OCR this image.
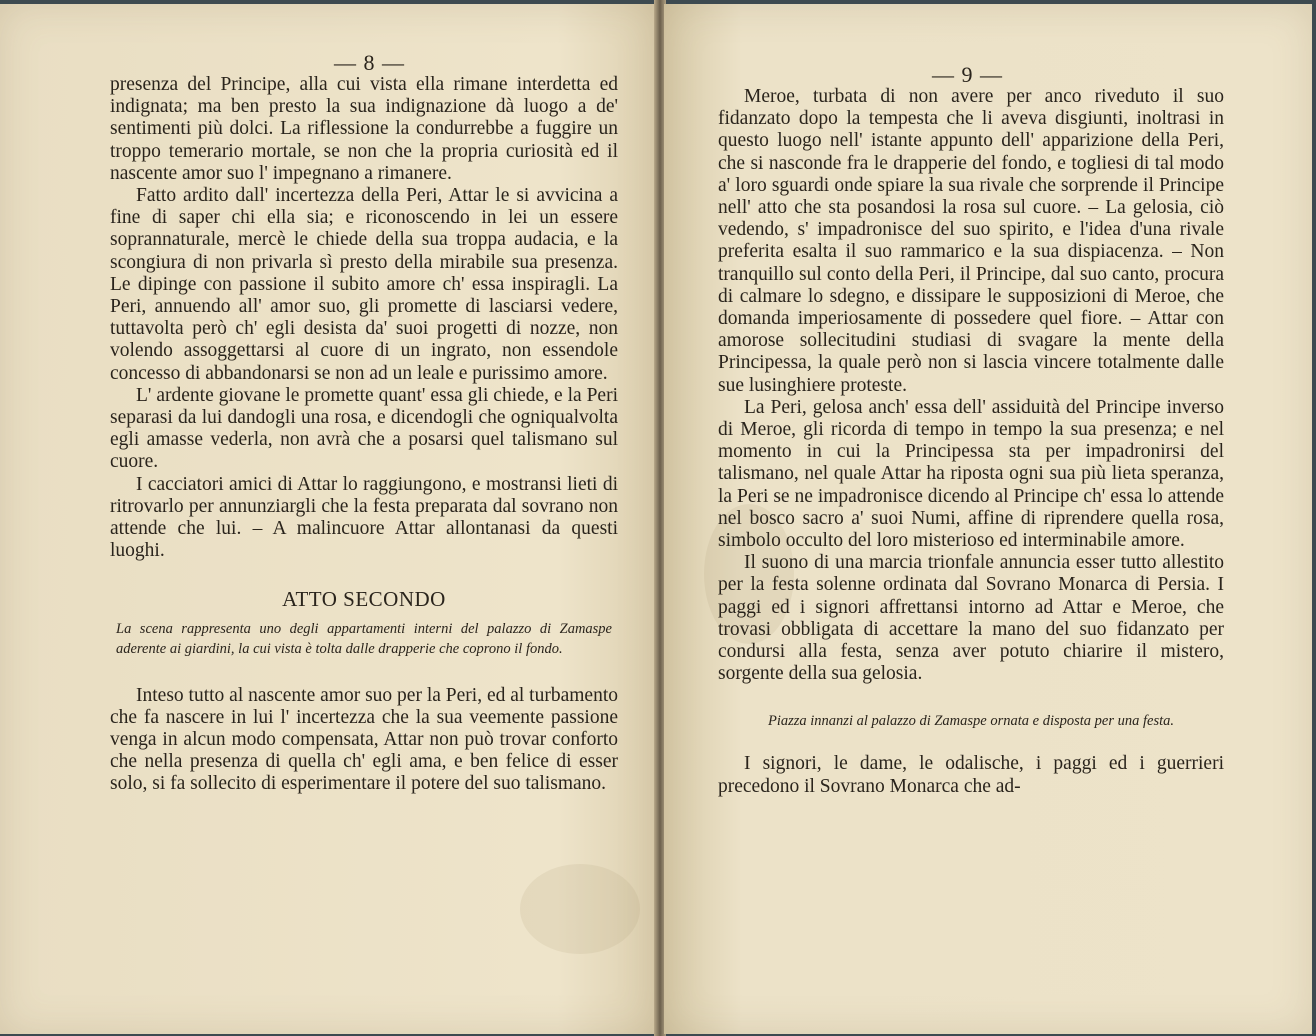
— 8 —

presenza del Principe, alla cui vista ella rimane interdetta ed indignata; ma ben presto la sua indignazione dà luogo a de' sentimenti più dolci. La riflessione la condurrebbe a fuggire un troppo temerario mortale, se non che la propria curiosità ed il nascente amor suo l' impegnano a rimanere.

Fatto ardito dall' incertezza della Peri, Attar le si avvicina a fine di saper chi ella sia; e riconoscendo in lei un essere soprannaturale, mercè le chiede della sua troppa audacia, e la scongiura di non privarla sì presto della mirabile sua presenza. Le dipinge con passione il subito amore ch' essa inspiragli. La Peri, annuendo all' amor suo, gli promette di lasciarsi vedere, tuttavolta però ch' egli desista da' suoi progetti di nozze, non volendo assoggettarsi al cuore di un ingrato, non essendole concesso di abbandonarsi se non ad un leale e purissimo amore.

L' ardente giovane le promette quant' essa gli chiede, e la Peri separasi da lui dandogli una rosa, e dicendogli che ogniqualvolta egli amasse vederla, non avrà che a posarsi quel talismano sul cuore.

I cacciatori amici di Attar lo raggiungono, e mostransi lieti di ritrovarlo per annunziargli che la festa preparata dal sovrano non attende che lui. – A malincuore Attar allontanasi da questi luoghi.

ATTO SECONDO
La scena rappresenta uno degli appartamenti interni del palazzo di Zamaspe aderente ai giardini, la cui vista è tolta dalle drapperie che coprono il fondo.

Inteso tutto al nascente amor suo per la Peri, ed al turbamento che fa nascere in lui l' incertezza che la sua veemente passione venga in alcun modo compensata, Attar non può trovar conforto che nella presenza di quella ch' egli ama, e ben felice di esser solo, si fa sollecito di esperimentare il potere del suo talismano.

— 9 —

Meroe, turbata di non avere per anco riveduto il suo fidanzato dopo la tempesta che li aveva disgiunti, inoltrasi in questo luogo nell' istante appunto dell' apparizione della Peri, che si nasconde fra le drapperie del fondo, e togliesi di tal modo a' loro sguardi onde spiare la sua rivale che sorprende il Principe nell' atto che sta posandosi la rosa sul cuore. – La gelosia, ciò vedendo, s' impadronisce del suo spirito, e l'idea d'una rivale preferita esalta il suo rammarico e la sua dispiacenza. – Non tranquillo sul conto della Peri, il Principe, dal suo canto, procura di calmare lo sdegno, e dissipare le supposizioni di Meroe, che domanda imperiosamente di possedere quel fiore. – Attar con amorose sollecitudini studiasi di svagare la mente della Principessa, la quale però non si lascia vincere totalmente dalle sue lusinghiere proteste.

La Peri, gelosa anch' essa dell' assiduità del Principe inverso di Meroe, gli ricorda di tempo in tempo la sua presenza; e nel momento in cui la Principessa sta per impadronirsi del talismano, nel quale Attar ha riposta ogni sua più lieta speranza, la Peri se ne impadronisce dicendo al Principe ch' essa lo attende nel bosco sacro a' suoi Numi, affine di riprendere quella rosa, simbolo occulto del loro misterioso ed interminabile amore.

Il suono di una marcia trionfale annuncia esser tutto allestito per la festa solenne ordinata dal Sovrano Monarca di Persia. I paggi ed i signori affrettansi intorno ad Attar e Meroe, che trovasi obbligata di accettare la mano del suo fidanzato per condursi alla festa, senza aver potuto chiarire il mistero, sorgente della sua gelosia.

Piazza innanzi al palazzo di Zamaspe ornata e disposta per una festa.

I signori, le dame, le odalische, i paggi ed i guerrieri precedono il Sovrano Monarca che ad-
